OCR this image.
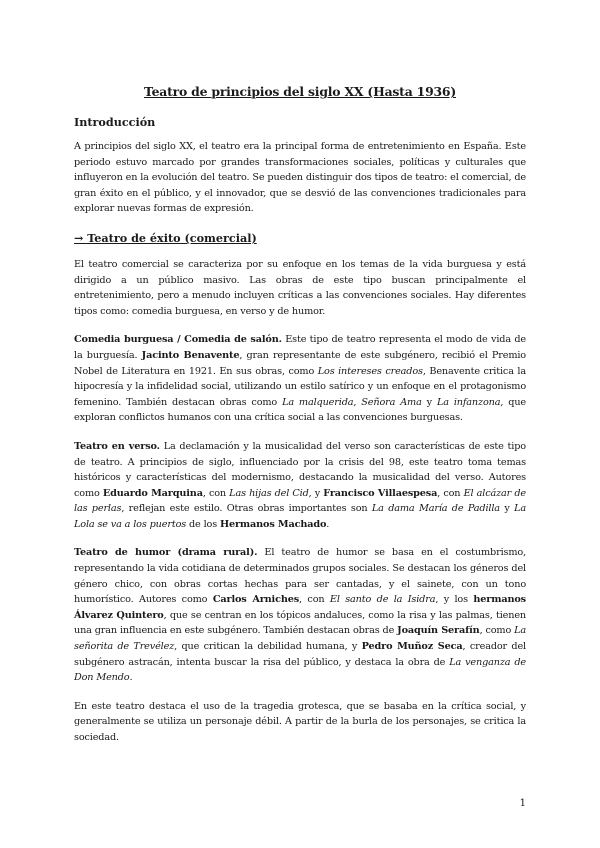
Teatro de principios del siglo XX (Hasta 1936)
Introducción

A principios del siglo XX, el teatro era la principal forma de entretenimiento en España. Este periodo estuvo marcado por grandes transformaciones sociales, políticas y culturales que influyeron en la evolución del teatro. Se pueden distinguir dos tipos de teatro: el comercial, de gran éxito en el público, y el innovador, que se desvió de las convenciones tradicionales para explorar nuevas formas de expresión.

→ Teatro de éxito (comercial)

El teatro comercial se caracteriza por su enfoque en los temas de la vida burguesa y está dirigido a un público masivo. Las obras de este tipo buscan principalmente el entretenimiento, pero a menudo incluyen críticas a las convenciones sociales. Hay diferentes tipos como: comedia burguesa, en verso y de humor.

Comedia burguesa / Comedia de salón. Este tipo de teatro representa el modo de vida de la burguesía. Jacinto Benavente, gran representante de este subgénero, recibió el Premio Nobel de Literatura en 1921. En sus obras, como Los intereses creados, Benavente critica la hipocresía y la infidelidad social, utilizando un estilo satírico y un enfoque en el protagonismo femenino. También destacan obras como La malquerida, Señora Ama y La infanzona, que exploran conflictos humanos con una crítica social a las convenciones burguesas.

Teatro en verso. La declamación y la musicalidad del verso son características de este tipo de teatro. A principios de siglo, influenciado por la crisis del 98, este teatro toma temas históricos y características del modernismo, destacando la musicalidad del verso. Autores como Eduardo Marquina, con Las hijas del Cid, y Francisco Villaespesa, con El alcázar de las perlas, reflejan este estilo. Otras obras importantes son La dama María de Padilla y La Lola se va a los puertos de los Hermanos Machado.

Teatro de humor (drama rural). El teatro de humor se basa en el costumbrismo, representando la vida cotidiana de determinados grupos sociales. Se destacan los géneros del género chico, con obras cortas hechas para ser cantadas, y el sainete, con un tono humorístico. Autores como Carlos Arniches, con El santo de la Isidra, y los hermanos Álvarez Quintero, que se centran en los tópicos andaluces, como la risa y las palmas, tienen una gran influencia en este subgénero. También destacan obras de Joaquín Serafín, como La señorita de Trevélez, que critican la debilidad humana, y Pedro Muñoz Seca, creador del subgénero astracán, intenta buscar la risa del público, y destaca la obra de La venganza de Don Mendo.

En este teatro destaca el uso de la tragedia grotesca, que se basaba en la crítica social, y generalmente se utiliza un personaje débil. A partir de la burla de los personajes, se critica la sociedad.

1
